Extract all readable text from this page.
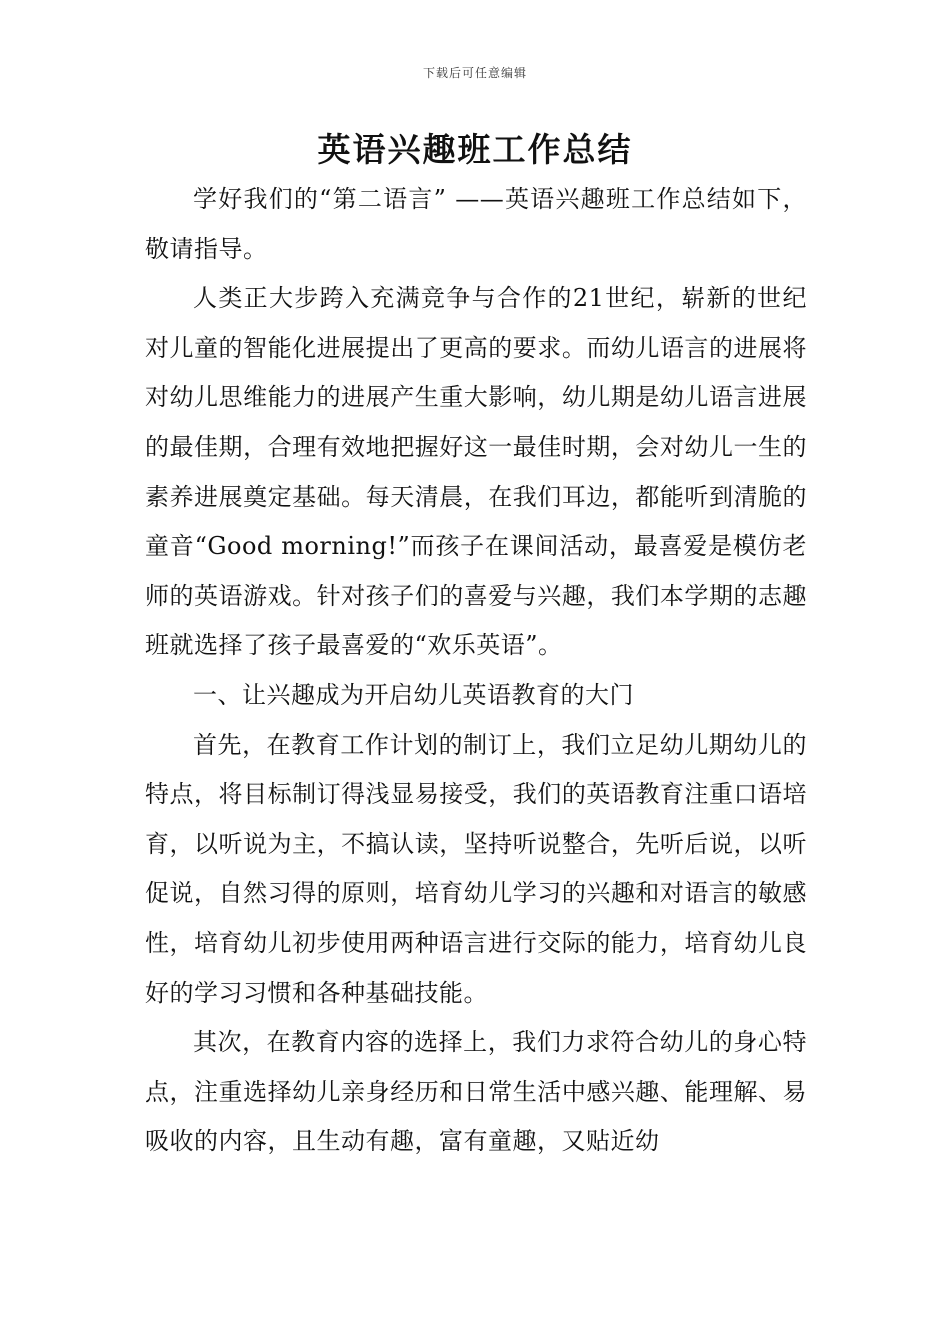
下载后可任意编辑
英语兴趣班工作总结

学好我们的“第二语言” ——英语兴趣班工作总结如下，敬请指导。

人类正大步跨入充满竞争与合作的21世纪，崭新的世纪对儿童的智能化进展提出了更高的要求。而幼儿语言的进展将对幼儿思维能力的进展产生重大影响，幼儿期是幼儿语言进展的最佳期，合理有效地把握好这一最佳时期，会对幼儿一生的素养进展奠定基础。每天清晨，在我们耳边，都能听到清脆的童音“Good morning!”而孩子在课间活动，最喜爱是模仿老师的英语游戏。针对孩子们的喜爱与兴趣，我们本学期的志趣班就选择了孩子最喜爱的“欢乐英语”。

一、让兴趣成为开启幼儿英语教育的大门

首先，在教育工作计划的制订上，我们立足幼儿期幼儿的特点，将目标制订得浅显易接受，我们的英语教育注重口语培育，以听说为主，不搞认读，坚持听说整合，先听后说，以听促说，自然习得的原则，培育幼儿学习的兴趣和对语言的敏感性，培育幼儿初步使用两种语言进行交际的能力，培育幼儿良好的学习习惯和各种基础技能。

其次，在教育内容的选择上，我们力求符合幼儿的身心特点，注重选择幼儿亲身经历和日常生活中感兴趣、能理解、易吸收的内容，且生动有趣，富有童趣，又贴近幼
